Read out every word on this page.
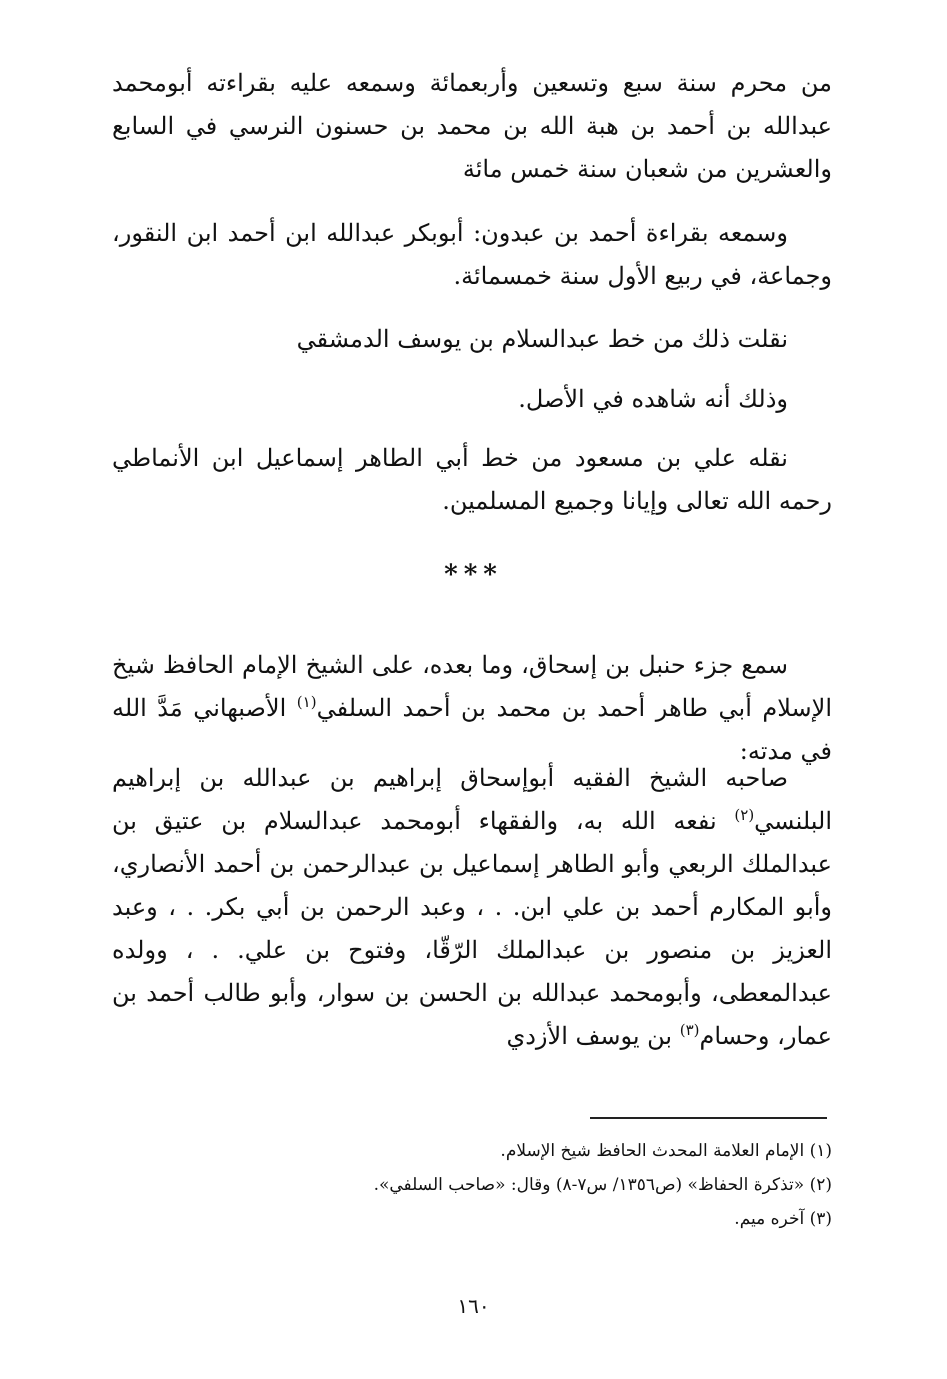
من محرم سنة سبع وتسعين وأربعمائة وسمعه عليه بقراءته أبومحمد عبدالله بن أحمد بن هبة الله بن محمد بن حسنون النرسي في السابع والعشرين من شعبان سنة خمس مائة

وسمعه بقراءة أحمد بن عبدون: أبوبكر عبدالله ابن أحمد ابن النقور، وجماعة، في ربيع الأول سنة خمسمائة.

نقلت ذلك من خط عبدالسلام بن يوسف الدمشقي

وذلك أنه شاهده في الأصل.

نقله علي بن مسعود من خط أبي الطاهر إسماعيل ابن الأنماطي رحمه الله تعالى وإيانا وجميع المسلمين.

***

سمع جزء حنبل بن إسحاق، وما بعده، على الشيخ الإمام الحافظ شيخ الإسلام أبي طاهر أحمد بن محمد بن أحمد السلفي$^{(١)}$ الأصبهاني مَدَّ الله في مدته:

صاحبه الشيخ الفقيه أبوإسحاق إبراهيم بن عبدالله بن إبراهيم البلنسي$^{(٢)}$ نفعه الله به، والفقهاء أبومحمد عبدالسلام بن عتيق بن عبدالملك الربعي وأبو الطاهر إسماعيل بن عبدالرحمن بن أحمد الأنصاري، وأبو المكارم أحمد بن علي ابن. . ، وعبد الرحمن بن أبي بكر. . ، وعبد العزيز بن منصور بن عبدالملك الرّقّا، وفتوح بن علي. . ، وولده عبدالمعطى، وأبومحمد عبدالله بن الحسن بن سوار، وأبو طالب أحمد بن عمار، وحسام$^{(٣)}$ بن يوسف الأزدي

(١) الإمام العلامة المحدث الحافظ شيخ الإسلام.

(٢) «تذكرة الحفاظ» (ص١٣٥٦/ س٧-٨) وقال: «صاحب السلفي».

(٣) آخره ميم.

١٦٠
